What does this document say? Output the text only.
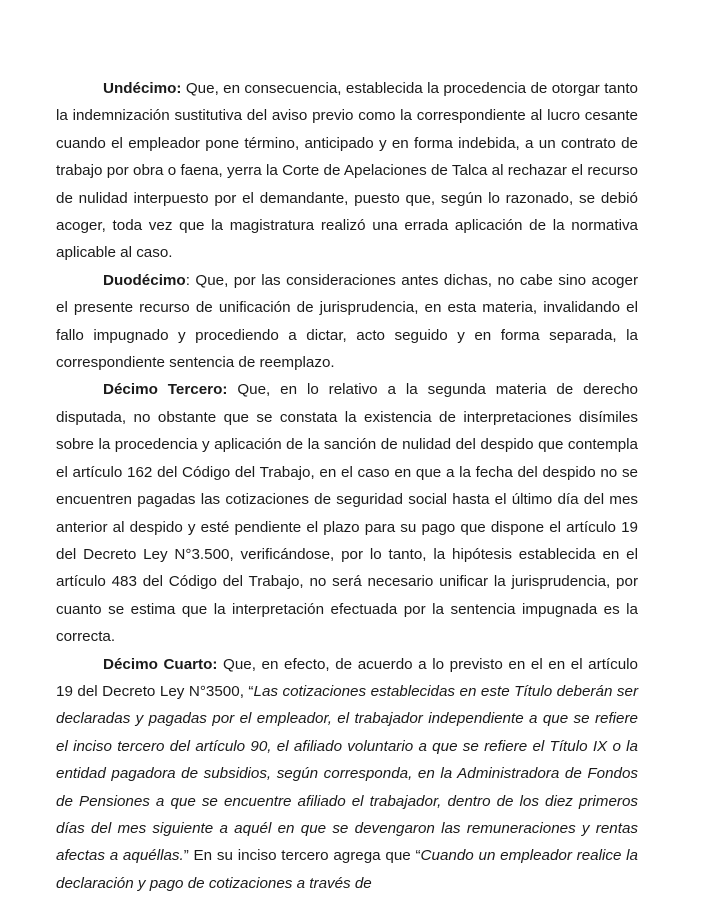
Undécimo: Que, en consecuencia, establecida la procedencia de otorgar tanto la indemnización sustitutiva del aviso previo como la correspondiente al lucro cesante cuando el empleador pone término, anticipado y en forma indebida, a un contrato de trabajo por obra o faena, yerra la Corte de Apelaciones de Talca al rechazar el recurso de nulidad interpuesto por el demandante, puesto que, según lo razonado, se debió acoger, toda vez que la magistratura realizó una errada aplicación de la normativa aplicable al caso.

Duodécimo: Que, por las consideraciones antes dichas, no cabe sino acoger el presente recurso de unificación de jurisprudencia, en esta materia, invalidando el fallo impugnado y procediendo a dictar, acto seguido y en forma separada, la correspondiente sentencia de reemplazo.

Décimo Tercero: Que, en lo relativo a la segunda materia de derecho disputada, no obstante que se constata la existencia de interpretaciones disímiles sobre la procedencia y aplicación de la sanción de nulidad del despido que contempla el artículo 162 del Código del Trabajo, en el caso en que a la fecha del despido no se encuentren pagadas las cotizaciones de seguridad social hasta el último día del mes anterior al despido y esté pendiente el plazo para su pago que dispone el artículo 19 del Decreto Ley N°3.500, verificándose, por lo tanto, la hipótesis establecida en el artículo 483 del Código del Trabajo, no será necesario unificar la jurisprudencia, por cuanto se estima que la interpretación efectuada por la sentencia impugnada es la correcta.

Décimo Cuarto: Que, en efecto, de acuerdo a lo previsto en el en el artículo 19 del Decreto Ley N°3500, “Las cotizaciones establecidas en este Título deberán ser declaradas y pagadas por el empleador, el trabajador independiente a que se refiere el inciso tercero del artículo 90, el afiliado voluntario a que se refiere el Título IX o la entidad pagadora de subsidios, según corresponda, en la Administradora de Fondos de Pensiones a que se encuentre afiliado el trabajador, dentro de los diez primeros días del mes siguiente a aquél en que se devengaron las remuneraciones y rentas afectas a aquéllas.” En su inciso tercero agrega que “Cuando un empleador realice la declaración y pago de cotizaciones a través de
